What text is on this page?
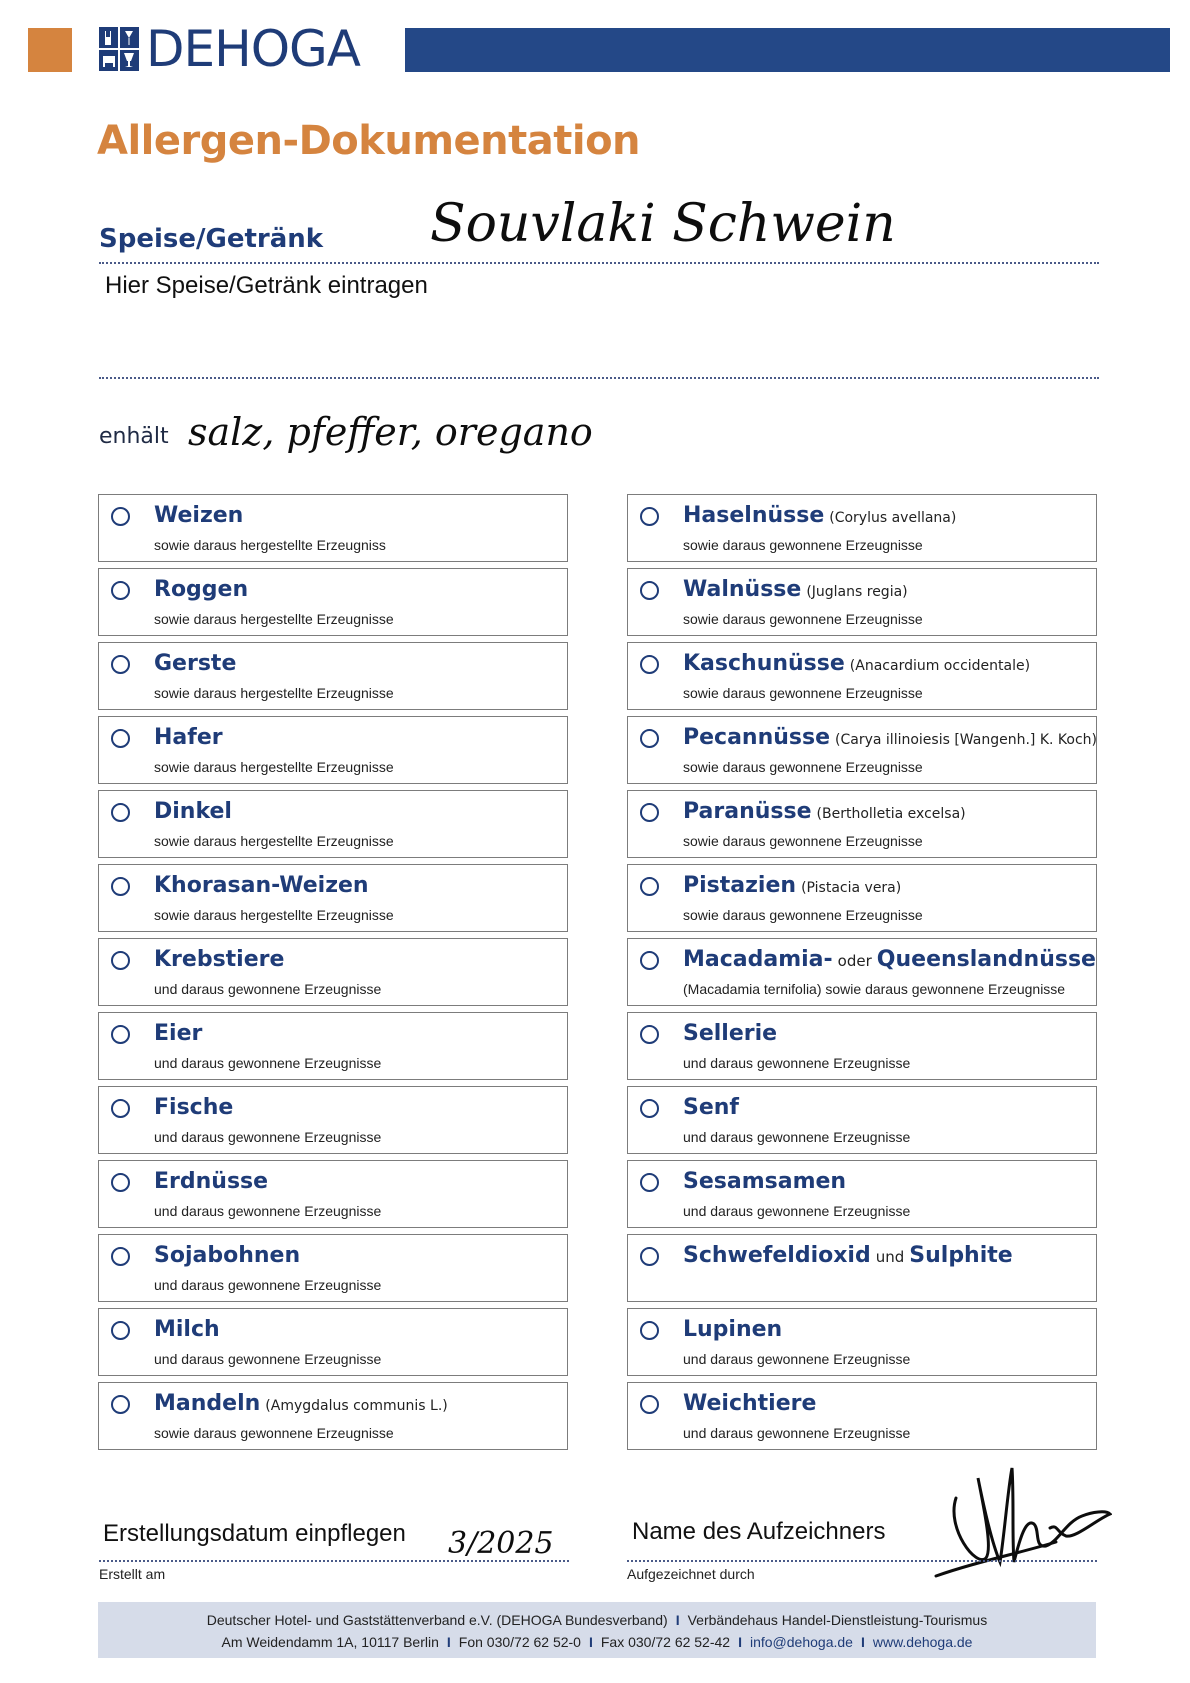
DEHOGA
Allergen-Dokumentation
Speise/Getränk Souvlaki Schwein
Hier Speise/Getränk eintragen
enhält salz, pfeffer, oregano
Weizen
sowie daraus hergestellte Erzeugniss
Roggen
sowie daraus hergestellte Erzeugnisse
Gerste
sowie daraus hergestellte Erzeugnisse
Hafer
sowie daraus hergestellte Erzeugnisse
Dinkel
sowie daraus hergestellte Erzeugnisse
Khorasan-Weizen
sowie daraus hergestellte Erzeugnisse
Krebstiere
und daraus gewonnene Erzeugnisse
Eier
und daraus gewonnene Erzeugnisse
Fische
und daraus gewonnene Erzeugnisse
Erdnüsse
und daraus gewonnene Erzeugnisse
Sojabohnen
und daraus gewonnene Erzeugnisse
Milch
und daraus gewonnene Erzeugnisse
Mandeln (Amygdalus communis L.)
sowie daraus gewonnene Erzeugnisse
Haselnüsse (Corylus avellana)
sowie daraus gewonnene Erzeugnisse
Walnüsse (Juglans regia)
sowie daraus gewonnene Erzeugnisse
Kaschunüsse (Anacardium occidentale)
sowie daraus gewonnene Erzeugnisse
Pecannüsse (Carya illinoiesis [Wangenh.] K. Koch)
sowie daraus gewonnene Erzeugnisse
Paranüsse (Bertholletia excelsa)
sowie daraus gewonnene Erzeugnisse
Pistazien (Pistacia vera)
sowie daraus gewonnene Erzeugnisse
Macadamia- oder Queenslandnüsse
(Macadamia ternifolia) sowie daraus gewonnene Erzeugnisse
Sellerie
und daraus gewonnene Erzeugnisse
Senf
und daraus gewonnene Erzeugnisse
Sesamsamen
und daraus gewonnene Erzeugnisse
Schwefeldioxid und Sulphite
Lupinen
und daraus gewonnene Erzeugnisse
Weichtiere
und daraus gewonnene Erzeugnisse
Erstellungsdatum einpflegen 3/2025
Erstellt am
Name des Aufzeichners
Aufgezeichnet durch
Deutscher Hotel- und Gaststättenverband e.V. (DEHOGA Bundesverband) I Verbändehaus Handel-Dienstleistung-Tourismus
Am Weidendamm 1A, 10117 Berlin I Fon 030/72 62 52-0 I Fax 030/72 62 52-42 I info@dehoga.de I www.dehoga.de
